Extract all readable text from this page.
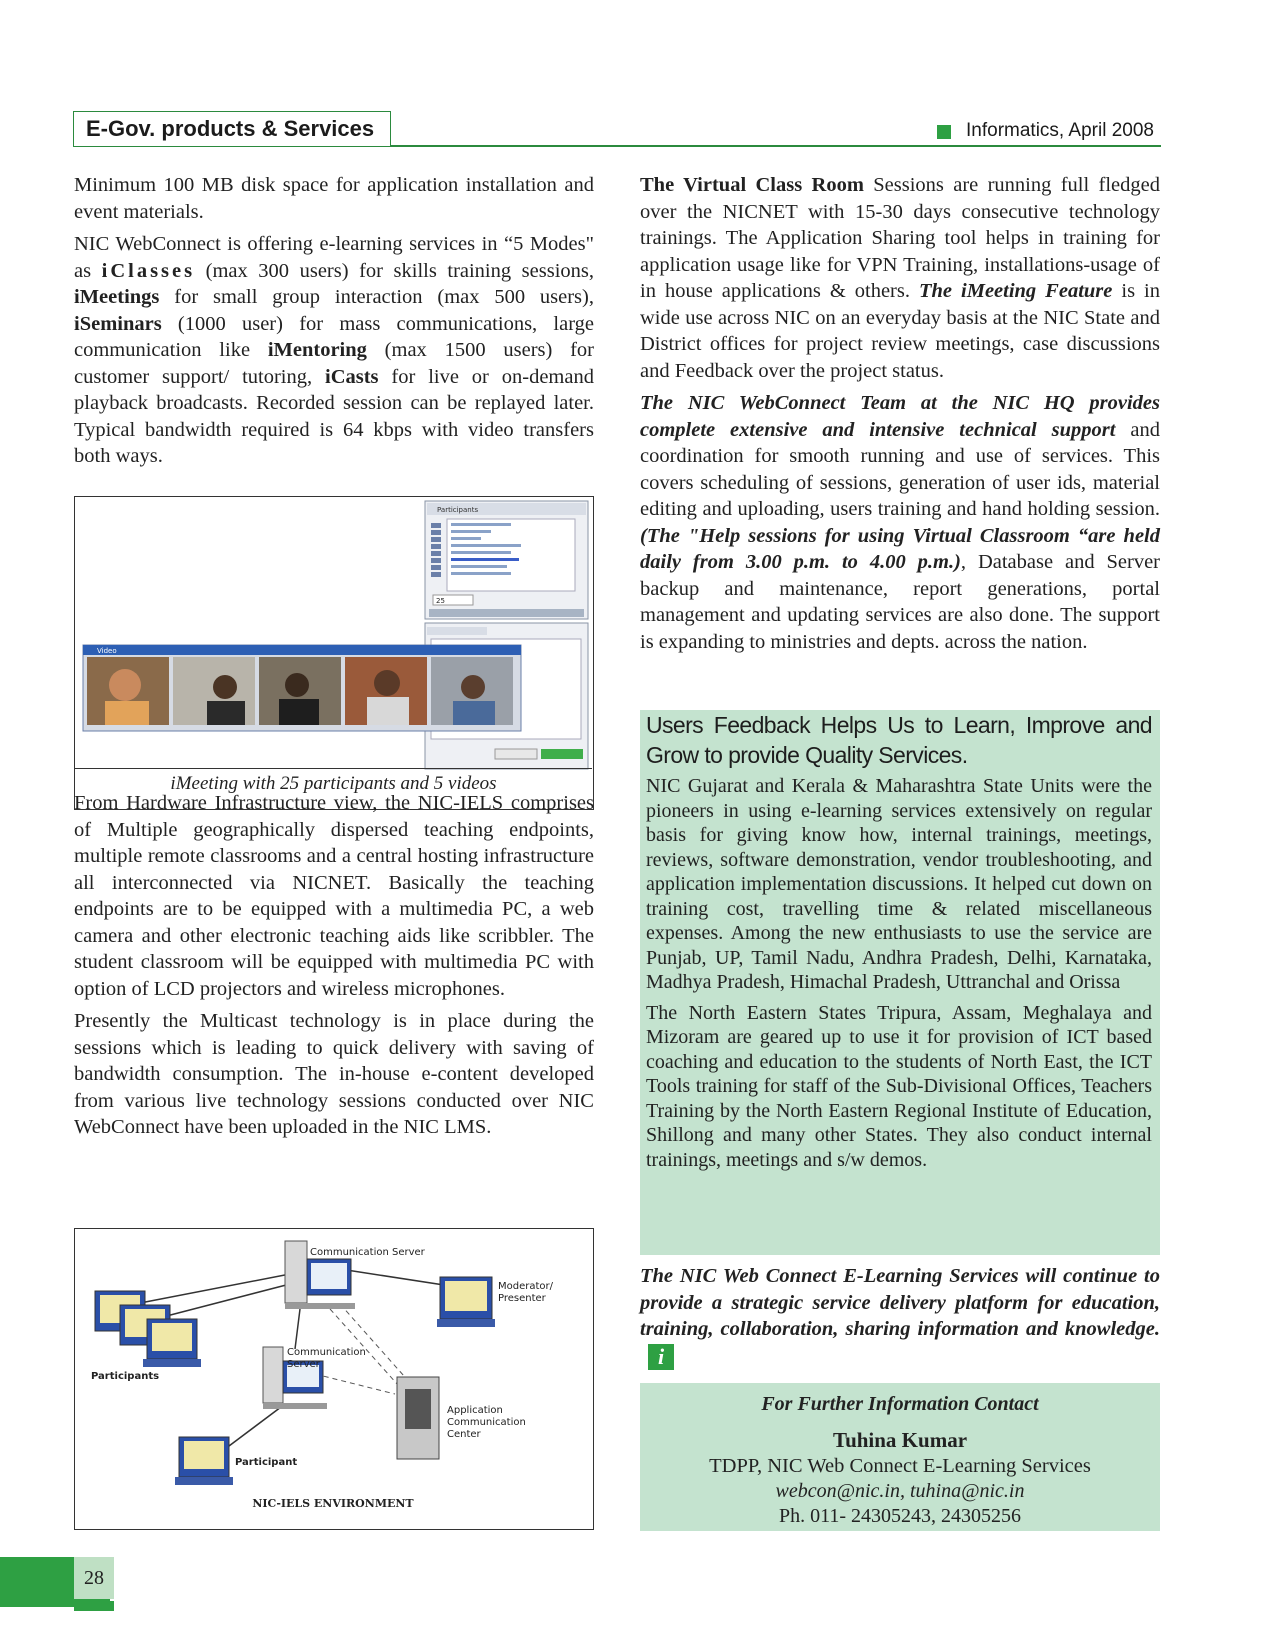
E-Gov. products & Services	Informatics, April 2008

Minimum 100 MB disk space for application installation and event materials.

NIC WebConnect is offering e-learning services in “5 Modes" as iClasses (max 300 users) for skills training sessions, iMeetings for small group interaction (max 500 users), iSeminars (1000 user) for mass communications, large communication like iMentoring (max 1500 users) for customer support/ tutoring, iCasts for live or on-demand playback broadcasts. Recorded session can be replayed later. Typical bandwidth required is 64 kbps with video transfers both ways.

Participants
25
Video
iMeeting with 25 participants and 5 videos

From Hardware Infrastructure view, the NIC-IELS comprises of Multiple geographically dispersed teaching endpoints, multiple remote classrooms and a central hosting infrastructure all interconnected via NICNET. Basically the teaching endpoints are to be equipped with a multimedia PC, a web camera and other electronic teaching aids like scribbler. The student classroom will be equipped with multimedia PC with option of LCD projectors and wireless microphones.

Presently the Multicast technology is in place during the sessions which is leading to quick delivery with saving of bandwidth consumption. The in-house e-content developed from various live technology sessions conducted over NIC WebConnect have been uploaded in the NIC LMS.

Communication Server
Moderator/ Presenter
Participants
Communication Server
Application Communication Center
Participant
NIC-IELS ENVIRONMENT

The Virtual Class Room Sessions are running full fledged over the NICNET with 15-30 days consecutive technology trainings. The Application Sharing tool helps in training for application usage like for VPN Training, installations-usage of in house applications & others. The iMeeting Feature is in wide use across NIC on an everyday basis at the NIC State and District offices for project review meetings, case discussions and Feedback over the project status.

The NIC WebConnect Team at the NIC HQ provides complete extensive and intensive technical support and coordination for smooth running and use of services. This covers scheduling of sessions, generation of user ids, material editing and uploading, users training and hand holding session. (The "Help sessions for using Virtual Classroom “are held daily from 3.00 p.m. to 4.00 p.m.), Database and Server backup and maintenance, report generations, portal management and updating services are also done. The support is expanding to ministries and depts. across the nation.

Users Feedback Helps Us to Learn, Improve and Grow to provide Quality Services.

NIC Gujarat and Kerala & Maharashtra State Units were the pioneers in using e-learning services extensively on regular basis for giving know how, internal trainings, meetings, reviews, software demonstration, vendor troubleshooting, and application implementation discussions. It helped cut down on training cost, travelling time & related miscellaneous expenses. Among the new enthusiasts to use the service are Punjab, UP, Tamil Nadu, Andhra Pradesh, Delhi, Karnataka, Madhya Pradesh, Himachal Pradesh, Uttranchal and Orissa

The North Eastern States Tripura, Assam, Meghalaya and Mizoram are geared up to use it for provision of ICT based coaching and education to the students of North East, the ICT Tools training for staff of the Sub-Divisional Offices, Teachers Training by the North Eastern Regional Institute of Education, Shillong and many other States. They also conduct internal trainings, meetings and s/w demos.

The NIC Web Connect E-Learning Services will continue to provide a strategic service delivery platform for education, training, collaboration, sharing information and knowledge.i
For Further Information Contact
Tuhina Kumar
TDPP, NIC Web Connect E-Learning Services
webcon@nic.in, tuhina@nic.in
Ph. 011- 24305243, 24305256
28
